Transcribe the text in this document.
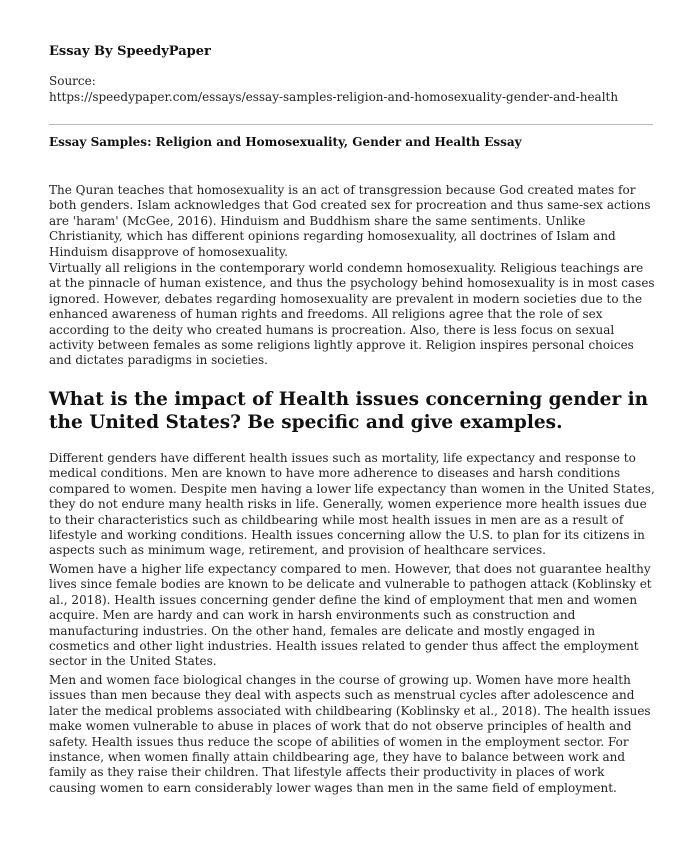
Essay By SpeedyPaper
Source:
https://speedypaper.com/essays/essay-samples-religion-and-homosexuality-gender-and-health
Essay Samples: Religion and Homosexuality, Gender and Health Essay

The Quran teaches that homosexuality is an act of transgression because God created mates for both genders. Islam acknowledges that God created sex for procreation and thus same-sex actions are 'haram' (McGee, 2016). Hinduism and Buddhism share the same sentiments. Unlike Christianity, which has different opinions regarding homosexuality, all doctrines of Islam and Hinduism disapprove of homosexuality.

Virtually all religions in the contemporary world condemn homosexuality. Religious teachings are at the pinnacle of human existence, and thus the psychology behind homosexuality is in most cases ignored. However, debates regarding homosexuality are prevalent in modern societies due to the enhanced awareness of human rights and freedoms. All religions agree that the role of sex according to the deity who created humans is procreation. Also, there is less focus on sexual activity between females as some religions lightly approve it. Religion inspires personal choices and dictates paradigms in societies.

What is the impact of Health issues concerning gender in the United States? Be specific and give examples.

Different genders have different health issues such as mortality, life expectancy and response to medical conditions. Men are known to have more adherence to diseases and harsh conditions compared to women. Despite men having a lower life expectancy than women in the United States, they do not endure many health risks in life. Generally, women experience more health issues due to their characteristics such as childbearing while most health issues in men are as a result of lifestyle and working conditions. Health issues concerning allow the U.S. to plan for its citizens in aspects such as minimum wage, retirement, and provision of healthcare services.

Women have a higher life expectancy compared to men. However, that does not guarantee healthy lives since female bodies are known to be delicate and vulnerable to pathogen attack (Koblinsky et al., 2018). Health issues concerning gender define the kind of employment that men and women acquire. Men are hardy and can work in harsh environments such as construction and manufacturing industries. On the other hand, females are delicate and mostly engaged in cosmetics and other light industries. Health issues related to gender thus affect the employment sector in the United States.

Men and women face biological changes in the course of growing up. Women have more health issues than men because they deal with aspects such as menstrual cycles after adolescence and later the medical problems associated with childbearing (Koblinsky et al., 2018). The health issues make women vulnerable to abuse in places of work that do not observe principles of health and safety. Health issues thus reduce the scope of abilities of women in the employment sector. For instance, when women finally attain childbearing age, they have to balance between work and family as they raise their children. That lifestyle affects their productivity in places of work causing women to earn considerably lower wages than men in the same field of employment.
